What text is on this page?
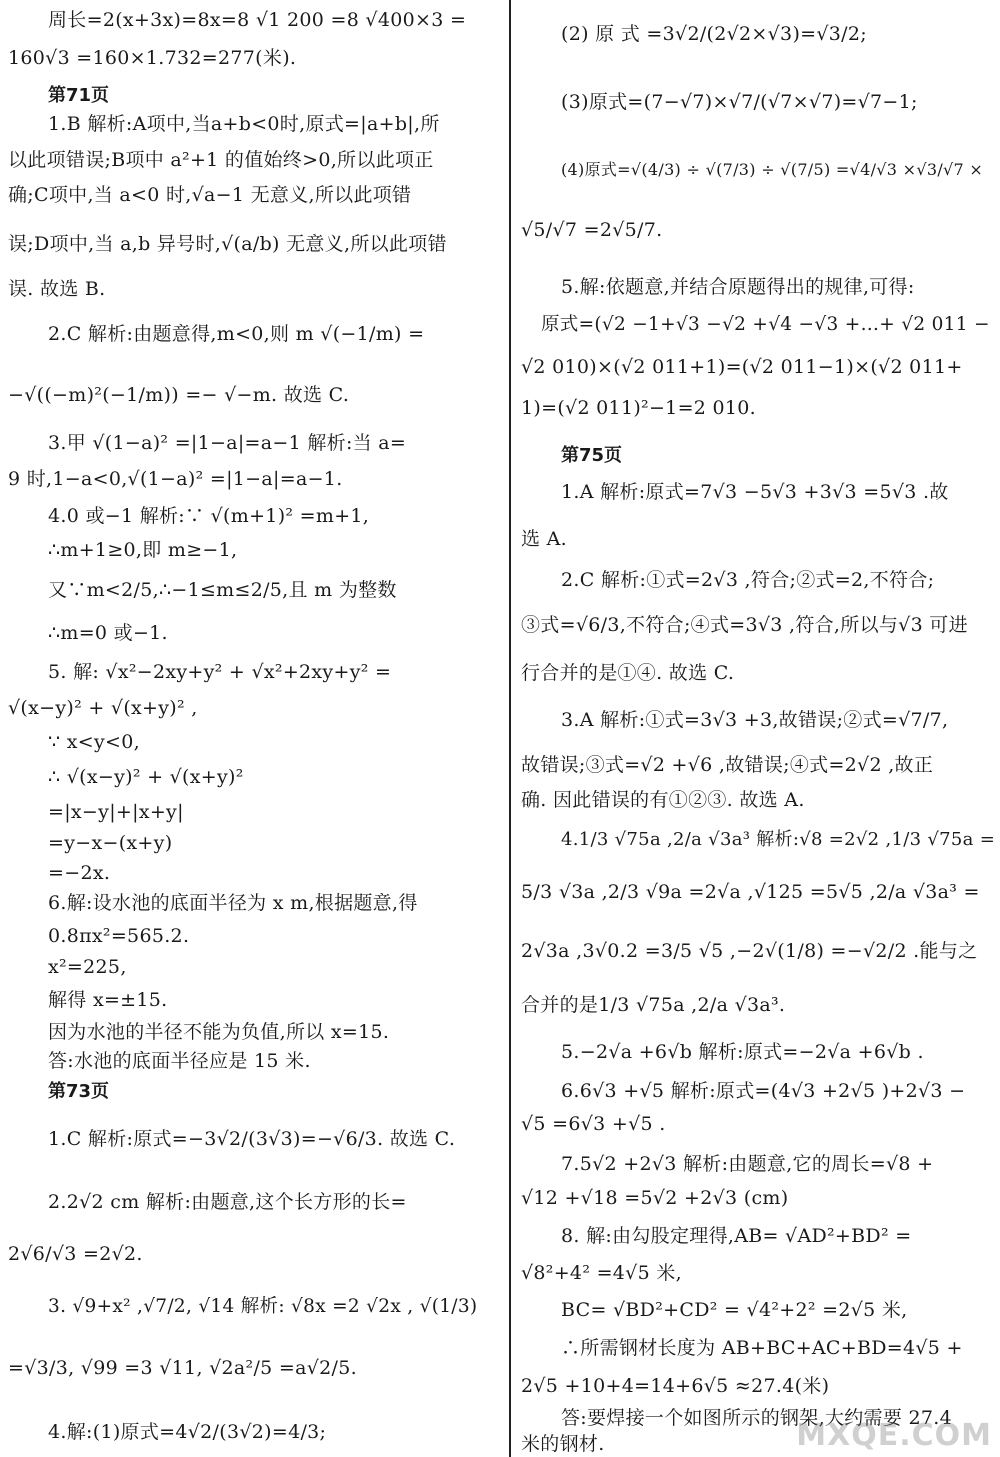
周长=2(x+3x)=8x=8 √1 200 =8 √400×3 =
160√3 =160×1.732=277(米).
第71页
1.B 解析:A项中,当a+b<0时,原式=|a+b|,所
以此项错误;B项中 a²+1 的值始终>0,所以此项正
确;C项中,当 a<0 时,√a−1 无意义,所以此项错
误;D项中,当 a,b 异号时,√(a/b) 无意义,所以此项错
误. 故选 B.
2.C 解析:由题意得,m<0,则 m √(−1/m) =
−√((−m)²(−1/m)) =− √−m. 故选 C.
3.甲 √(1−a)² =|1−a|=a−1 解析:当 a=
9 时,1−a<0,√(1−a)² =|1−a|=a−1.
4.0 或−1 解析:∵ √(m+1)² =m+1,
∴m+1≥0,即 m≥−1,
又∵m<2/5,∴−1≤m≤2/5,且 m 为整数
∴m=0 或−1.
5. 解: √x²−2xy+y² + √x²+2xy+y² =
√(x−y)² + √(x+y)² ,
∵ x<y<0,
∴ √(x−y)² + √(x+y)²
=|x−y|+|x+y|
=y−x−(x+y)
=−2x.
6.解:设水池的底面半径为 x m,根据题意,得
0.8πx²=565.2.
x²=225,
解得 x=±15.
因为水池的半径不能为负值,所以 x=15.
答:水池的底面半径应是 15 米.
第73页
1.C 解析:原式=−3√2/(3√3)=−√6/3. 故选 C.
2.2√2 cm 解析:由题意,这个长方形的长=
2√6/√3 =2√2.
3. √9+x² ,√7/2, √14 解析: √8x =2 √2x , √(1/3)
=√3/3, √99 =3 √11, √2a²/5 =a√2/5.
4.解:(1)原式=4√2/(3√2)=4/3;
(2) 原 式 =3√2/(2√2×√3)=√3/2;
(3)原式=(7−√7)×√7/(√7×√7)=√7−1;
(4)原式=√(4/3) ÷ √(7/3) ÷ √(7/5) =√4/√3 ×√3/√7 ×
√5/√7 =2√5/7.
5.解:依题意,并结合原题得出的规律,可得:
原式=(√2 −1+√3 −√2 +√4 −√3 +…+ √2 011 −
√2 010)×(√2 011+1)=(√2 011−1)×(√2 011+
1)=(√2 011)²−1=2 010.
第75页
1.A 解析:原式=7√3 −5√3 +3√3 =5√3 .故
选 A.
2.C 解析:①式=2√3 ,符合;②式=2,不符合;
③式=√6/3,不符合;④式=3√3 ,符合,所以与√3 可进
行合并的是①④. 故选 C.
3.A 解析:①式=3√3 +3,故错误;②式=√7/7,
故错误;③式=√2 +√6 ,故错误;④式=2√2 ,故正
确. 因此错误的有①②③. 故选 A.
4.1/3 √75a ,2/a √3a³ 解析:√8 =2√2 ,1/3 √75a =
5/3 √3a ,2/3 √9a =2√a ,√125 =5√5 ,2/a √3a³ =
2√3a ,3√0.2 =3/5 √5 ,−2√(1/8) =−√2/2 .能与之
合并的是1/3 √75a ,2/a √3a³.
5.−2√a +6√b 解析:原式=−2√a +6√b .
6.6√3 +√5 解析:原式=(4√3 +2√5 )+2√3 −
√5 =6√3 +√5 .
7.5√2 +2√3 解析:由题意,它的周长=√8 +
√12 +√18 =5√2 +2√3 (cm)
8. 解:由勾股定理得,AB= √AD²+BD² =
√8²+4² =4√5 米,
BC= √BD²+CD² = √4²+2² =2√5 米,
∴所需钢材长度为 AB+BC+AC+BD=4√5 +
2√5 +10+4=14+6√5 ≈27.4(米)
答:要焊接一个如图所示的钢架,大约需要 27.4
米的钢材.	MXQE.COM
